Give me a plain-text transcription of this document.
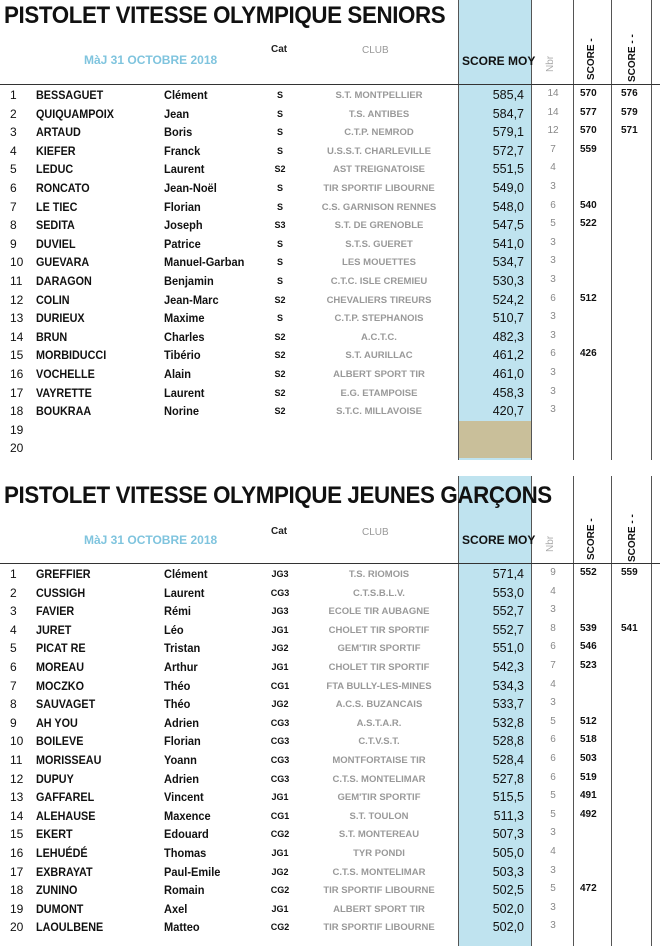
PISTOLET VITESSE OLYMPIQUE SENIORS
MàJ 31 OCTOBRE 2018
Cat	CLUB
SCORE MOY Nbr	SCORE -	SCORE - -
1 BESSAGUET	Clément	S	S.T. MONTPELLIER	585,4	14	570 576
2 QUIQUAMPOIX	Jean	S	T.S. ANTIBES	584,7	14	577 579
3 ARTAUD	Boris	S	C.T.P. NEMROD	579,1	12	570 571
4 KIEFER	Franck	S	U.S.S.T. CHARLEVILLE	572,7	7	559
5 LEDUC	Laurent	S2	AST TREIGNATOISE	551,5	4
6 RONCATO	Jean-Noël	S	TIR SPORTIF LIBOURNE	549,0	3
7 LE TIEC	Florian	S	C.S. GARNISON RENNES	548,0	6	540
8 SEDITA	Joseph	S3	S.T. DE GRENOBLE	547,5	5	522
9 DUVIEL	Patrice	S	S.T.S. GUERET	541,0	3
10 GUEVARA	Manuel-Garban	S	LES MOUETTES	534,7	3
11 DARAGON	Benjamin	S	C.T.C. ISLE CREMIEU	530,3	3
12 COLIN	Jean-Marc	S2	CHEVALIERS TIREURS	524,2	6	512
13 DURIEUX	Maxime	S	C.T.P. STEPHANOIS	510,7	3
14 BRUN	Charles	S2	A.C.T.C.	482,3	3
15 MORBIDUCCI	Tibério	S2	S.T. AURILLAC	461,2	6	426
16 VOCHELLE	Alain	S2	ALBERT SPORT TIR	461,0	3
17 VAYRETTE	Laurent	S2	E.G. ETAMPOISE	458,3	3
18 BOUKRAA	Norine	S2	S.T.C. MILLAVOISE	420,7	3
19
20
PISTOLET VITESSE OLYMPIQUE JEUNES GARÇONS
MàJ 31 OCTOBRE 2018
Cat	CLUB
SCORE MOY Nbr	SCORE -	SCORE - -
1 GREFFIER	Clément	JG3	T.S. RIOMOIS	571,4	9	552 559
2 CUSSIGH	Laurent	CG3	C.T.S.B.L.V.	553,0	4
3 FAVIER	Rémi	JG3	ECOLE TIR AUBAGNE	552,7	3
4 JURET	Léo	JG1	CHOLET TIR SPORTIF	552,7	8	539 541
5 PICAT RE	Tristan	JG2	GEM'TIR SPORTIF	551,0	6	546
6 MOREAU	Arthur	JG1	CHOLET TIR SPORTIF	542,3	7	523
7 MOCZKO	Théo	CG1	FTA BULLY-LES-MINES	534,3	4
8 SAUVAGET	Théo	JG2	A.C.S. BUZANCAIS	533,7	3
9 AH YOU	Adrien	CG3	A.S.T.A.R.	532,8	5	512
10 BOILEVE	Florian	CG3	C.T.V.S.T.	528,8	6	518
11 MORISSEAU	Yoann	CG3	MONTFORTAISE TIR	528,4	6	503
12 DUPUY	Adrien	CG3	C.T.S. MONTELIMAR	527,8	6	519
13 GAFFAREL	Vincent	JG1	GEM'TIR SPORTIF	515,5	5	491
14 ALEHAUSE	Maxence	CG1	S.T. TOULON	511,3	5	492
15 EKERT	Edouard	CG2	S.T. MONTEREAU	507,3	3
16 LEHUÉDÉ	Thomas	JG1	TYR PONDI	505,0	4
17 EXBRAYAT	Paul-Emile	JG2	C.T.S. MONTELIMAR	503,3	3
18 ZUNINO	Romain	CG2	TIR SPORTIF LIBOURNE	502,5	5	472
19 DUMONT	Axel	JG1	ALBERT SPORT TIR	502,0	3
20 LAOULBENE	Matteo	CG2	TIR SPORTIF LIBOURNE	502,0	3
